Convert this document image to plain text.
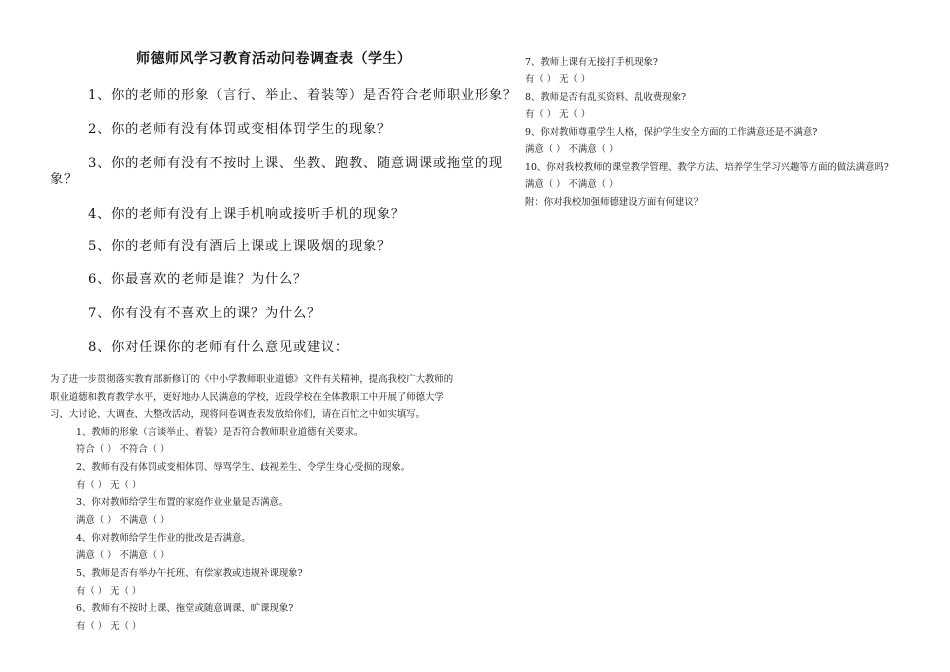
师德师风学习教育活动问卷调查表（学生）
1、你的老师的形象（言行、举止、着装等）是否符合老师职业形象？
2、你的老师有没有体罚或变相体罚学生的现象？
3、你的老师有没有不按时上课、坐教、跑教、随意调课或拖堂的现
象？
4、你的老师有没有上课手机响或接听手机的现象？
5、你的老师有没有酒后上课或上课吸烟的现象？
6、你最喜欢的老师是谁？为什么？
7、你有没有不喜欢上的课？为什么？
8、你对任课你的老师有什么意见或建议：
为了进一步贯彻落实教育部新修订的《中小学教师职业道德》文件有关精神，提高我校广大教师的
职业道德和教育教学水平，更好地办人民满意的学校，近段学校在全体教职工中开展了师德大学
习、大讨论、大调查、大整改活动，现将问卷调查表发放给你们，请在百忙之中如实填写。
1、教师的形象（言谈举止、着装）是否符合教师职业道德有关要求。
符合（ ） 不符合（ ）
2、教师有没有体罚或变相体罚、辱骂学生、歧视差生、令学生身心受损的现象。
有（ ） 无（ ）
3、你对教师给学生布置的家庭作业业量是否满意。
满意（ ） 不满意（ ）
4、你对教师给学生作业的批改是否满意。
满意（ ） 不满意（ ）
5、教师是否有举办午托班、有偿家教或违规补课现象?
有（ ） 无（ ）
6、教师有不按时上课、拖堂或随意调课、旷课现象?
有（ ） 无（ ）
7、教师上课有无接打手机现象?
有（ ） 无（ ）
8、教师是否有乱买资料、乱收费现象?
有（ ） 无（ ）
9、你对教师尊重学生人格，保护学生安全方面的工作满意还是不满意?
满意（ ） 不满意（ ）
10、你对我校教师的课堂教学管理、教学方法、培养学生学习兴趣等方面的做法满意吗?
满意（ ） 不满意（ ）
附：你对我校加强师德建设方面有何建议？
